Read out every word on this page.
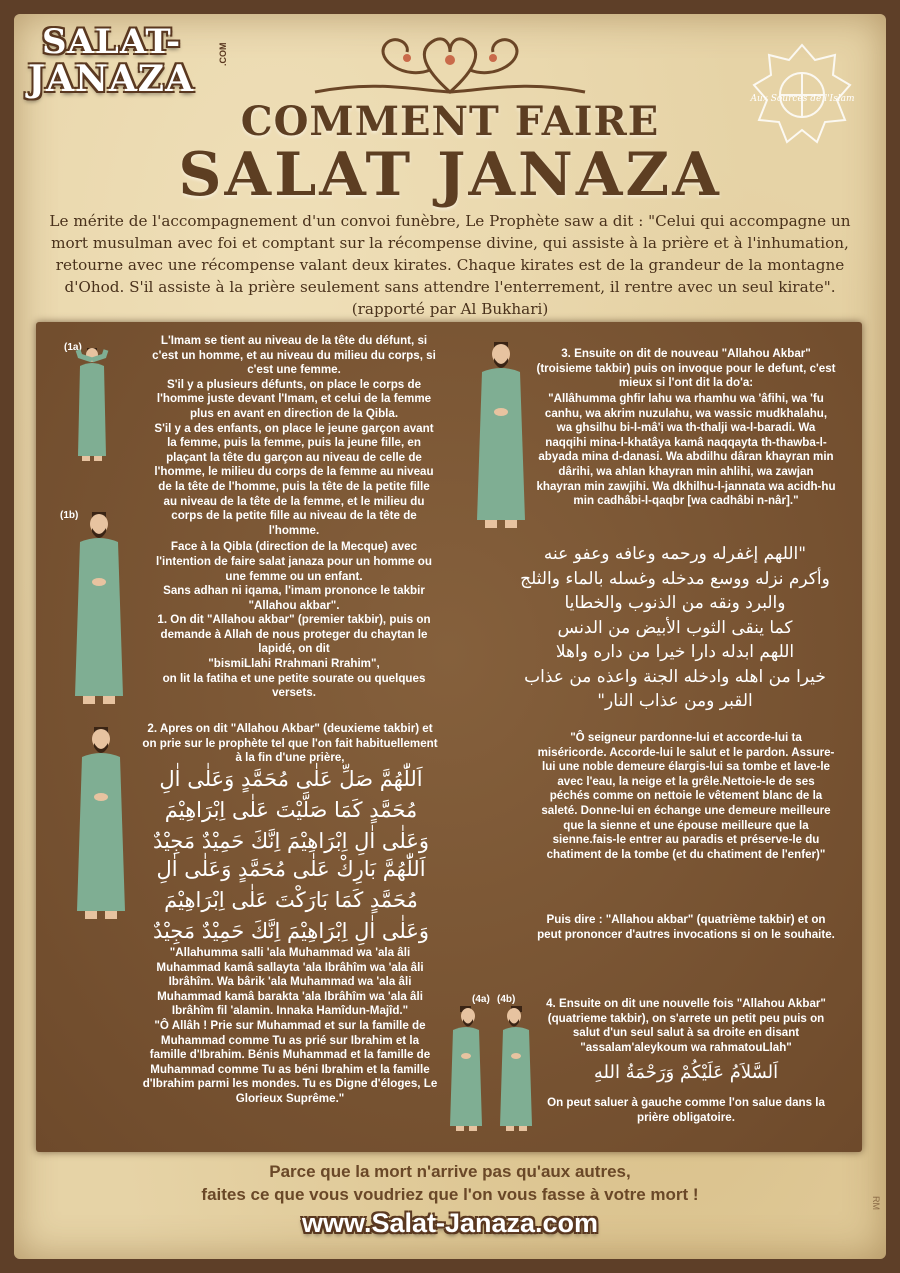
SALAT-
JANAZA
.COM
Aux Sources de l'Islam
COMMENT FAIRE
SALAT JANAZA
Le mérite de l'accompagnement d'un convoi funèbre, Le Prophète saw a dit : "Celui qui accompagne un mort musulman avec foi et comptant sur la récompense divine, qui assiste à la prière et à l'inhumation, retourne avec une récompense valant deux kirates. Chaque kirates est de la grandeur de la montagne d'Ohod. S'il assiste à la prière seulement sans attendre l'enterrement, il rentre avec un seul kirate". (rapporté par Al Bukhari)
(1a)
(1b)
(4a) (4b)
L'Imam se tient au niveau de la tête du défunt, si c'est un homme, et au niveau du milieu du corps, si c'est une femme.
S'il y a plusieurs défunts, on place le corps de l'homme juste devant l'Imam, et celui de la femme plus en avant en direction de la Qibla.
S'il y a des enfants, on place le jeune garçon avant la femme, puis la femme, puis la jeune fille, en plaçant la tête du garçon au niveau de celle de l'homme, le milieu du corps de la femme au niveau de la tête de l'homme, puis la tête de la petite fille au niveau de la tête de la femme, et le milieu du corps de la petite fille au niveau de la tête de l'homme.
Face à la Qibla (direction de la Mecque) avec l'intention de faire salat janaza pour un homme ou une femme ou un enfant.
Sans adhan ni iqama, l'imam prononce le takbir "Allahou akbar".
1. On dit "Allahou akbar" (premier takbir), puis on demande à Allah de nous proteger du chaytan le lapidé, on dit
"bismiLlahi Rrahmani Rrahim",
on lit la fatiha et une petite sourate ou quelques versets.
2. Apres on dit "Allahou Akbar" (deuxieme takbir) et on prie sur le prophète tel que l'on fait habituellement à la fin d'une prière,
اَللّٰهُمَّ صَلِّ عَلٰى مُحَمَّدٍ وَعَلٰى اٰلِ مُحَمَّدٍ كَمَا صَلَّيْتَ عَلٰى اِبْرَاهِيْمَ وَعَلٰى اٰلِ اِبْرَاهِيْمَ اِنَّكَ حَمِيْدٌ مَجِيْدٌ
اَللّٰهُمَّ بَارِكْ عَلٰى مُحَمَّدٍ وَعَلٰى اٰلِ مُحَمَّدٍ كَمَا بَارَكْتَ عَلٰى اِبْرَاهِيْمَ وَعَلٰى اٰلِ اِبْرَاهِيْمَ اِنَّكَ حَمِيْدٌ مَجِيْدٌ
"Allahumma salli 'ala Muhammad wa 'ala âli Muhammad kamâ sallayta 'ala Ibrâhîm wa 'ala âli Ibrâhîm. Wa bârik 'ala Muhammad wa 'ala âli Muhammad kamâ barakta 'ala Ibrâhîm wa 'ala âli Ibrâhîm fil 'alamin. Innaka Hamîdun-Majîd."
"Ô Allâh ! Prie sur Muhammad et sur la famille de Muhammad comme Tu as prié sur Ibrahim et la famille d'Ibrahim. Bénis Muhammad et la famille de Muhammad comme Tu as béni Ibrahim et la famille d'Ibrahim parmi les mondes. Tu es Digne d'éloges, Le Glorieux Suprême."
3. Ensuite on dit de nouveau "Allahou Akbar" (troisieme takbir) puis on invoque pour le defunt, c'est mieux si l'ont dit la do'a:
"Allâhumma ghfir lahu wa rhamhu wa 'âfihi, wa 'fu canhu, wa akrim nuzulahu, wa wassic mudkhalahu, wa ghsilhu bi-l-mâ'i wa th-thalji wa-l-baradi. Wa naqqihi mina-l-khatâya kamâ naqqayta th-thawba-l-abyada mina d-danasi. Wa abdilhu dâran khayran min dârihi, wa ahlan khayran min ahlihi, wa zawjan khayran min zawjihi. Wa dkhilhu-l-jannata wa acidh-hu min cadhâbi-l-qaqbr [wa cadhâbi n-nâr]."
"اللهم إغفرله ورحمه وعافه وعفو عنه
وأكرم نزله ووسع مدخله وغسله بالماء والثلج
والبرد ونقه من الذنوب والخطايا
كما ينقى الثوب الأبيض من الدنس
اللهم ابدله دارا خيرا من داره واهلا
خيرا من اهله وادخله الجنة واعذه من عذاب
القبر ومن عذاب النار"
"Ô seigneur pardonne-lui et accorde-lui ta miséricorde. Accorde-lui le salut et le pardon. Assure-lui une noble demeure élargis-lui sa tombe et lave-le avec l'eau, la neige et la grêle.Nettoie-le de ses péchés comme on nettoie le vêtement blanc de la saleté. Donne-lui en échange une demeure meilleure que la sienne et une épouse meilleure que la sienne.fais-le entrer au paradis et préserve-le du chatiment de la tombe (et du chatiment de l'enfer)"
Puis dire : "Allahou akbar" (quatrième takbir) et on peut prononcer d'autres invocations si on le souhaite.
4. Ensuite on dit une nouvelle fois "Allahou Akbar" (quatrieme takbir), on s'arrete un petit peu puis on salut d'un seul salut à sa droite en disant
"assalam'aleykoum wa rahmatouLlah"
اَلسَّلاَمُ عَلَيْكُمْ وَرَحْمَةُ اللهِ
On peut saluer à gauche comme l'on salue dans la prière obligatoire.
Parce que la mort n'arrive pas qu'aux autres,
faites ce que vous voudriez que l'on vous fasse à votre mort !
www.Salat-Janaza.com
RM
